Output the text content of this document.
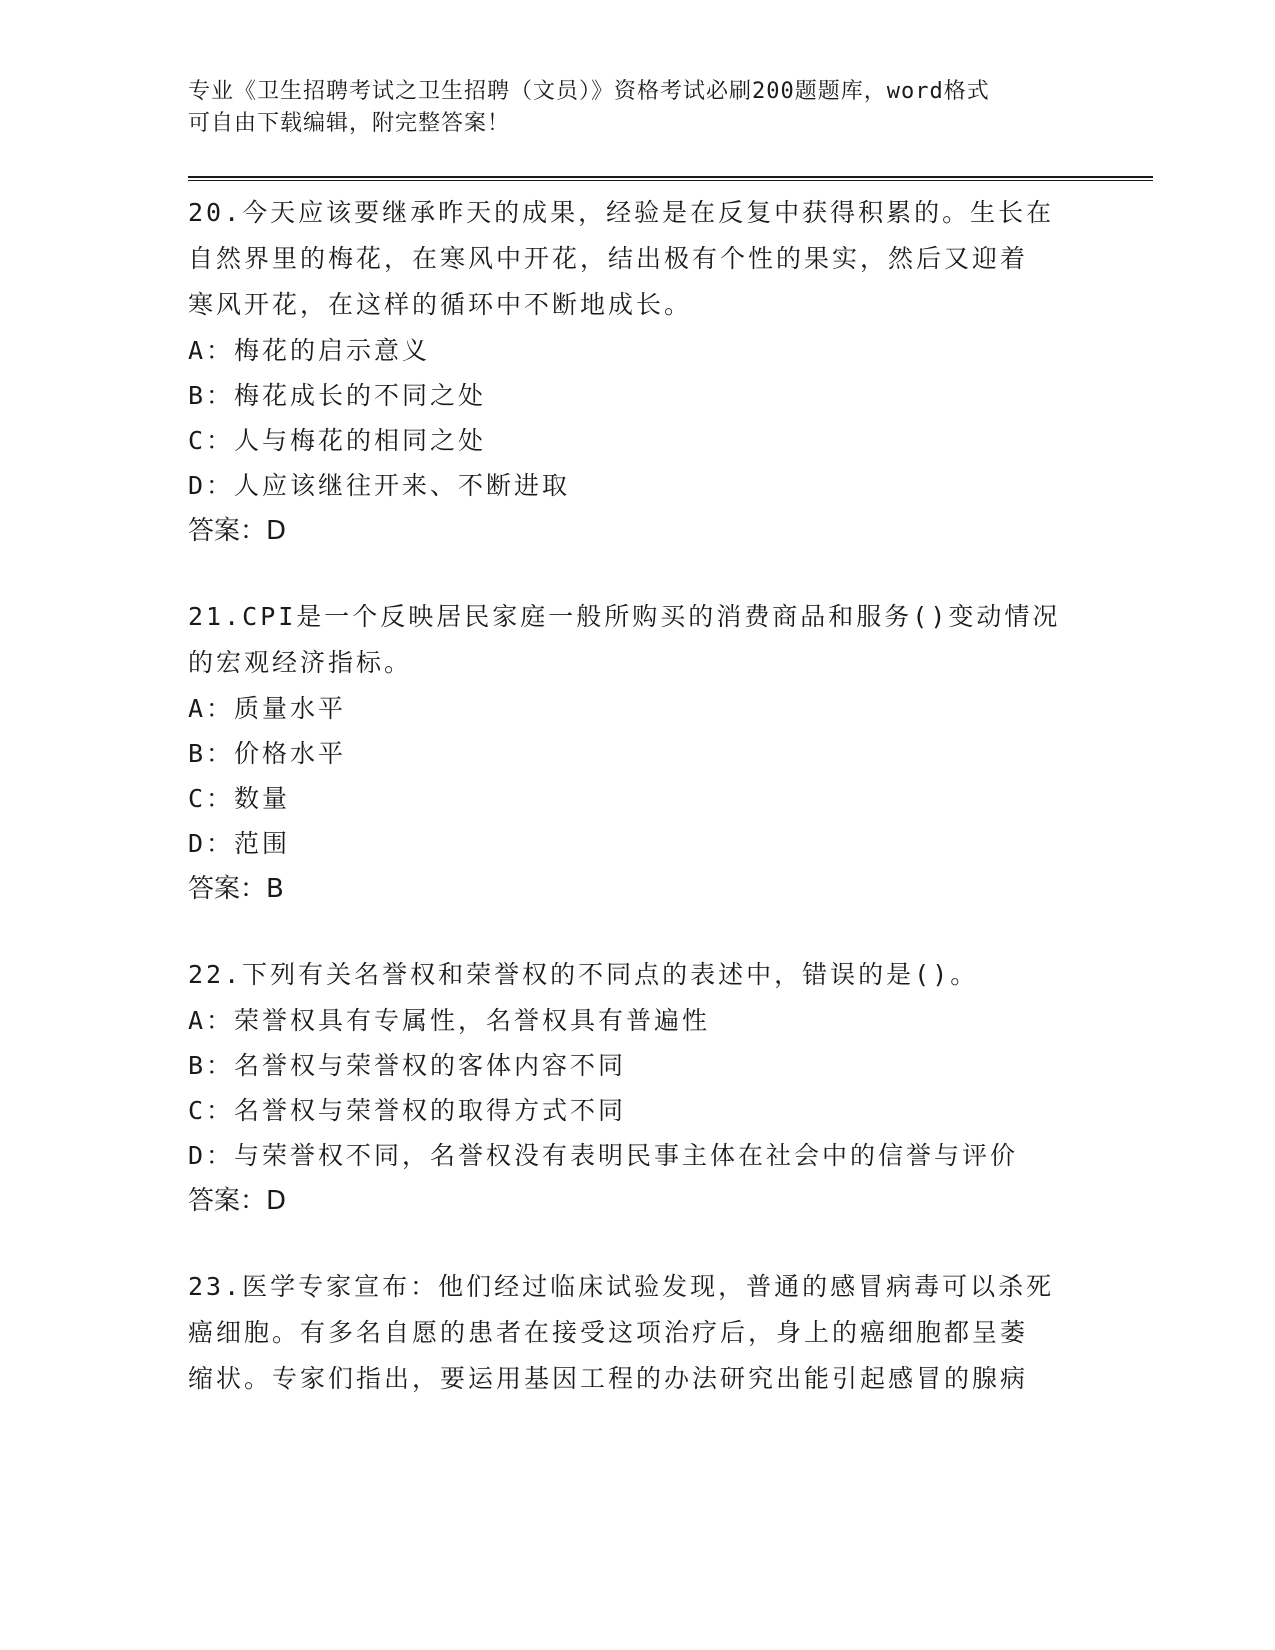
专业《卫生招聘考试之卫生招聘（文员）》资格考试必刷200题题库，word格式
可自由下载编辑，附完整答案！
20.今天应该要继承昨天的成果，经验是在反复中获得积累的。生长在
自然界里的梅花，在寒风中开花，结出极有个性的果实，然后又迎着
寒风开花，在这样的循环中不断地成长。
A：梅花的启示意义
B：梅花成长的不同之处
C：人与梅花的相同之处
D：人应该继往开来、不断进取
答案：D
21.CPI是一个反映居民家庭一般所购买的消费商品和服务()变动情况
的宏观经济指标。
A：质量水平
B：价格水平
C：数量
D：范围
答案：B
22.下列有关名誉权和荣誉权的不同点的表述中，错误的是()。
A：荣誉权具有专属性，名誉权具有普遍性
B：名誉权与荣誉权的客体内容不同
C：名誉权与荣誉权的取得方式不同
D：与荣誉权不同，名誉权没有表明民事主体在社会中的信誉与评价
答案：D
23.医学专家宣布：他们经过临床试验发现，普通的感冒病毒可以杀死
癌细胞。有多名自愿的患者在接受这项治疗后，身上的癌细胞都呈萎
缩状。专家们指出，要运用基因工程的办法研究出能引起感冒的腺病
